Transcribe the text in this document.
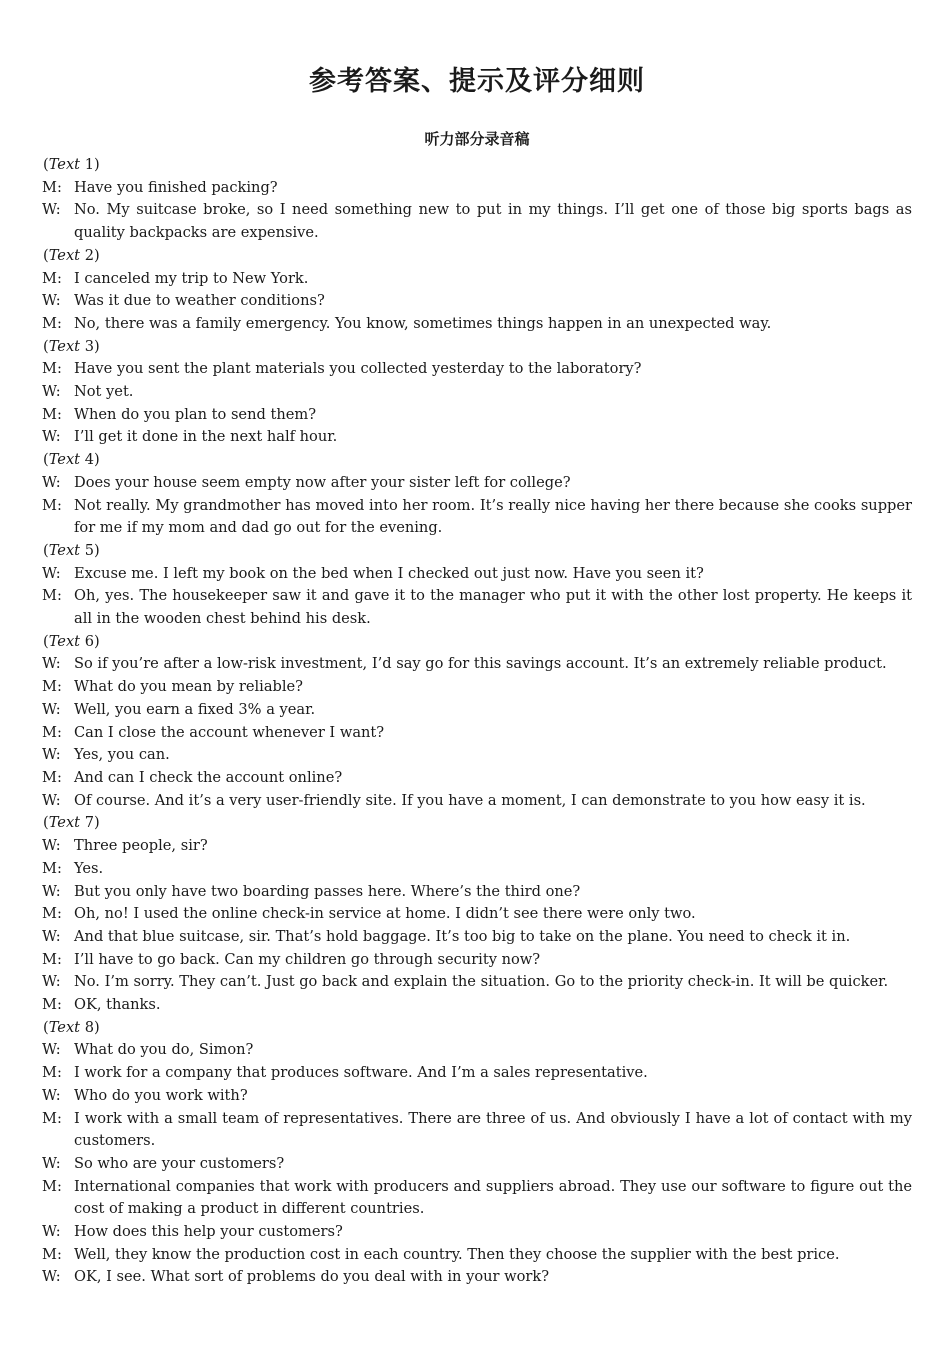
参考答案、提示及评分细则
听力部分录音稿
(Text 1)
M: Have you finished packing?
W: No. My suitcase broke, so I need something new to put in my things. I’ll get one of those big sports bags as quality backpacks are expensive.
(Text 2)
M: I canceled my trip to New York.
W: Was it due to weather conditions?
M: No, there was a family emergency. You know, sometimes things happen in an unexpected way.
(Text 3)
M: Have you sent the plant materials you collected yesterday to the laboratory?
W: Not yet.
M: When do you plan to send them?
W: I’ll get it done in the next half hour.
(Text 4)
W: Does your house seem empty now after your sister left for college?
M: Not really. My grandmother has moved into her room. It’s really nice having her there because she cooks supper for me if my mom and dad go out for the evening.
(Text 5)
W: Excuse me. I left my book on the bed when I checked out just now. Have you seen it?
M: Oh, yes. The housekeeper saw it and gave it to the manager who put it with the other lost property. He keeps it all in the wooden chest behind his desk.
(Text 6)
W: So if you’re after a low-risk investment, I’d say go for this savings account. It’s an extremely reliable product.
M: What do you mean by reliable?
W: Well, you earn a fixed 3% a year.
M: Can I close the account whenever I want?
W: Yes, you can.
M: And can I check the account online?
W: Of course. And it’s a very user-friendly site. If you have a moment, I can demonstrate to you how easy it is.
(Text 7)
W: Three people, sir?
M: Yes.
W: But you only have two boarding passes here. Where’s the third one?
M: Oh, no! I used the online check-in service at home. I didn’t see there were only two.
W: And that blue suitcase, sir. That’s hold baggage. It’s too big to take on the plane. You need to check it in.
M: I’ll have to go back. Can my children go through security now?
W: No. I’m sorry. They can’t. Just go back and explain the situation. Go to the priority check-in. It will be quicker.
M: OK, thanks.
(Text 8)
W: What do you do, Simon?
M: I work for a company that produces software. And I’m a sales representative.
W: Who do you work with?
M: I work with a small team of representatives. There are three of us. And obviously I have a lot of contact with my customers.
W: So who are your customers?
M: International companies that work with producers and suppliers abroad. They use our software to figure out the cost of making a product in different countries.
W: How does this help your customers?
M: Well, they know the production cost in each country. Then they choose the supplier with the best price.
W: OK, I see. What sort of problems do you deal with in your work?
